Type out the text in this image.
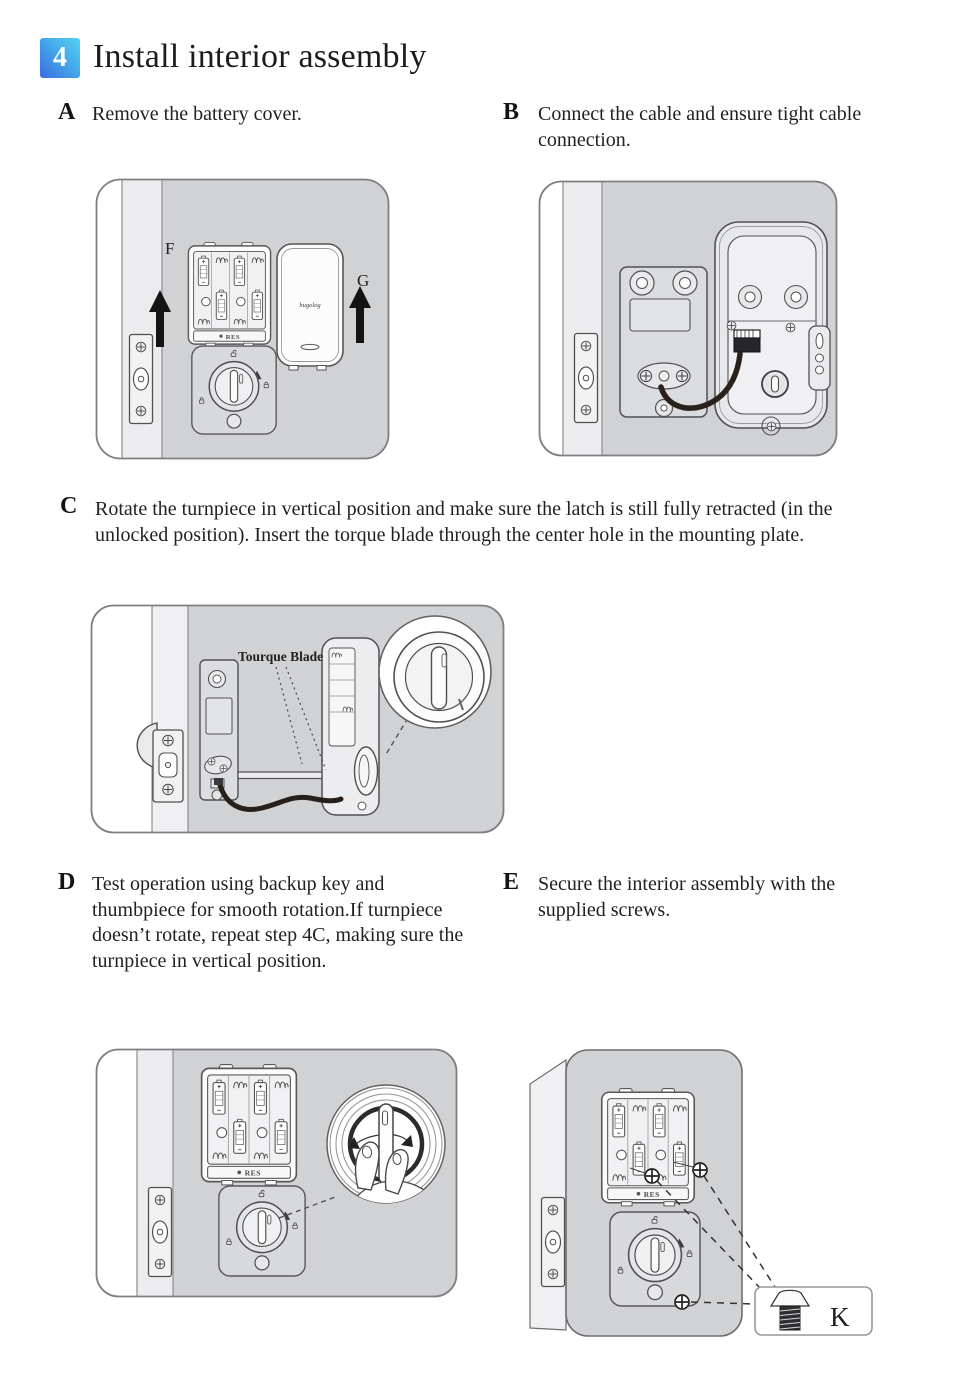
4 Install interior assembly
A Remove the battery cover.	B Connect the cable and ensure tight cable connection.
C Rotate the turnpiece in vertical position and make sure the latch is still fully retracted (in the unlocked position). Insert the torque blade through the center hole in the mounting plate.
D Test operation using backup key and thumbpiece for smooth rotation.If turnpiece doesn’t rotate, repeat step 4C, making sure the turnpiece in vertical position.
E Secure the interior assembly with the supplied screws.
hugolog
F
G
Tourque Blade
K
